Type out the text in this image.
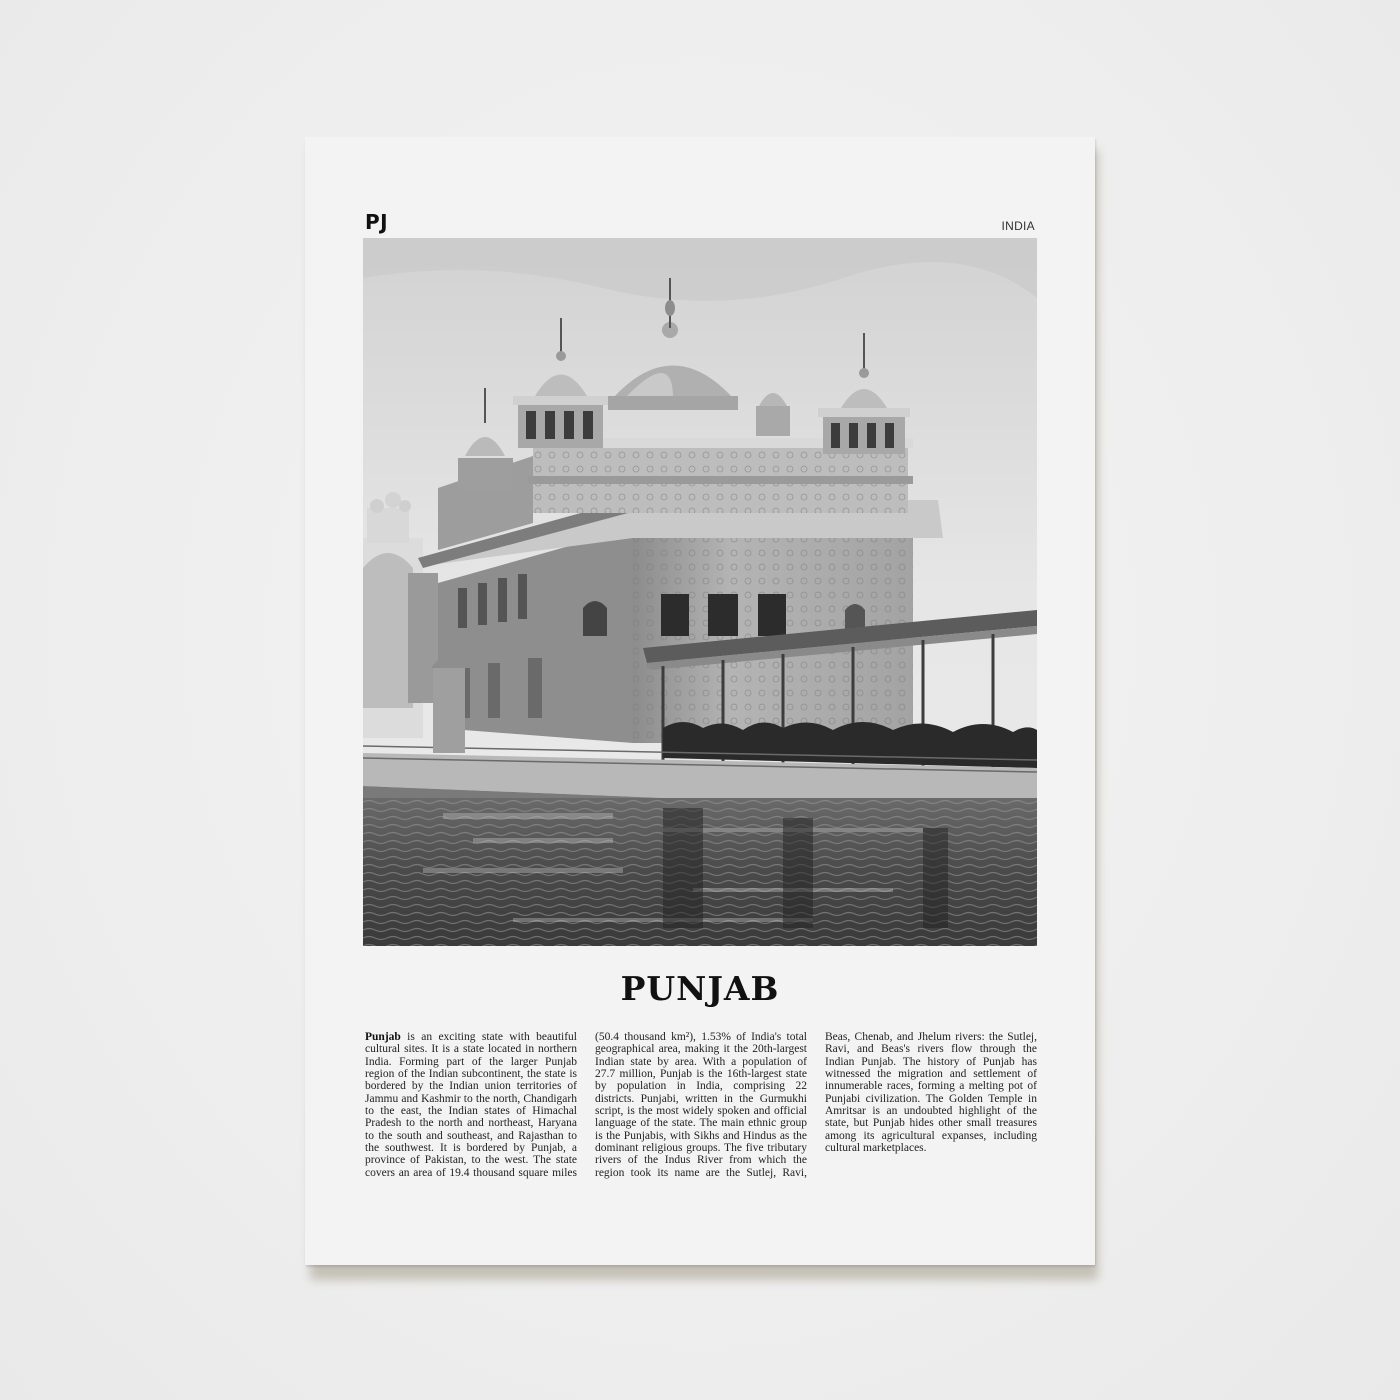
PJ	INDIA
PUNJAB
Punjab is an exciting state with beautiful cultural sites. It is a state located in northern India. Forming part of the larger Punjab region of the Indian subcontinent, the state is bordered by the Indian union territories of Jammu and Kashmir to the north, Chandigarh to the east, the Indian states of Himachal Pradesh to the north and northeast, Haryana to the south and southeast, and Rajasthan to the southwest. It is bordered by Punjab, a province of Pakistan, to the west. The state covers an area of 19.4 thousand square miles (50.4 thousand km²), 1.53% of India's total geographical area, making it the 20th-largest Indian state by area. With a population of 27.7 million, Punjab is the 16th-largest state by population in India, comprising 22 districts. Punjabi, written in the Gurmukhi script, is the most widely spoken and official language of the state. The main ethnic group is the Punjabis, with Sikhs and Hindus as the dominant religious groups. The five tributary rivers of the Indus River from which the region took its name are the Sutlej, Ravi, Beas, Chenab, and Jhelum rivers: the Sutlej, Ravi, and Beas's rivers flow through the Indian Punjab. The history of Punjab has witnessed the migration and settlement of innumerable races, forming a melting pot of Punjabi civilization. The Golden Temple in Amritsar is an undoubted highlight of the state, but Punjab hides other small treasures among its agricultural expanses, including cultural marketplaces.
